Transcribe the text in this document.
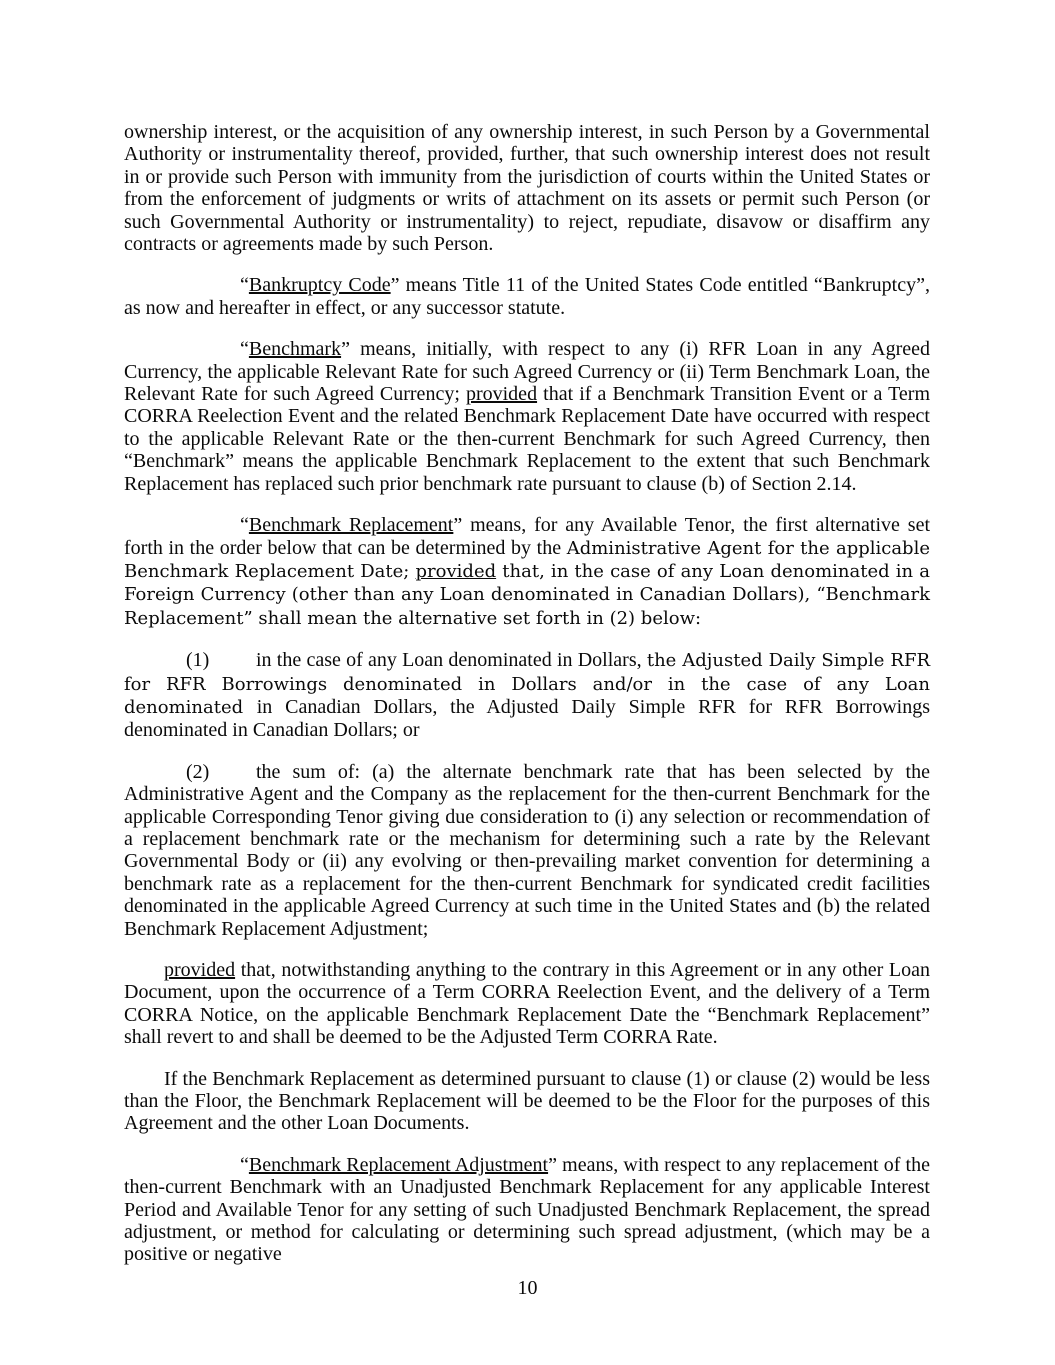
ownership interest, or the acquisition of any ownership interest, in such Person by a Governmental Authority or instrumentality thereof, provided, further, that such ownership interest does not result in or provide such Person with immunity from the jurisdiction of courts within the United States or from the enforcement of judgments or writs of attachment on its assets or permit such Person (or such Governmental Authority or instrumentality) to reject, repudiate, disavow or disaffirm any contracts or agreements made by such Person.

“Bankruptcy Code” means Title 11 of the United States Code entitled “Bankruptcy”, as now and hereafter in effect, or any successor statute.

“Benchmark” means, initially, with respect to any (i) RFR Loan in any Agreed Currency, the applicable Relevant Rate for such Agreed Currency or (ii) Term Benchmark Loan, the Relevant Rate for such Agreed Currency; provided that if a Benchmark Transition Event or a Term CORRA Reelection Event and the related Benchmark Replacement Date have occurred with respect to the applicable Relevant Rate or the then-current Benchmark for such Agreed Currency, then “Benchmark” means the applicable Benchmark Replacement to the extent that such Benchmark Replacement has replaced such prior benchmark rate pursuant to clause (b) of Section 2.14.

“Benchmark Replacement” means, for any Available Tenor, the first alternative set forth in the order below that can be determined by the Administrative Agent for the applicable Benchmark Replacement Date; provided that, in the case of any Loan denominated in a Foreign Currency (other than any Loan denominated in Canadian Dollars), “Benchmark Replacement” shall mean the alternative set forth in (2) below:

(1) in the case of any Loan denominated in Dollars, the Adjusted Daily Simple RFR for RFR Borrowings denominated in Dollars and/or in the case of any Loan denominated in Canadian Dollars, the Adjusted Daily Simple RFR for RFR Borrowings denominated in Canadian Dollars; or

(2) the sum of: (a) the alternate benchmark rate that has been selected by the Administrative Agent and the Company as the replacement for the then-current Benchmark for the applicable Corresponding Tenor giving due consideration to (i) any selection or recommendation of a replacement benchmark rate or the mechanism for determining such a rate by the Relevant Governmental Body or (ii) any evolving or then-prevailing market convention for determining a benchmark rate as a replacement for the then-current Benchmark for syndicated credit facilities denominated in the applicable Agreed Currency at such time in the United States and (b) the related Benchmark Replacement Adjustment;

provided that, notwithstanding anything to the contrary in this Agreement or in any other Loan Document, upon the occurrence of a Term CORRA Reelection Event, and the delivery of a Term CORRA Notice, on the applicable Benchmark Replacement Date the “Benchmark Replacement” shall revert to and shall be deemed to be the Adjusted Term CORRA Rate.

If the Benchmark Replacement as determined pursuant to clause (1) or clause (2) would be less than the Floor, the Benchmark Replacement will be deemed to be the Floor for the purposes of this Agreement and the other Loan Documents.

“Benchmark Replacement Adjustment” means, with respect to any replacement of the then-current Benchmark with an Unadjusted Benchmark Replacement for any applicable Interest Period and Available Tenor for any setting of such Unadjusted Benchmark Replacement, the spread adjustment, or method for calculating or determining such spread adjustment, (which may be a positive or negative

10
